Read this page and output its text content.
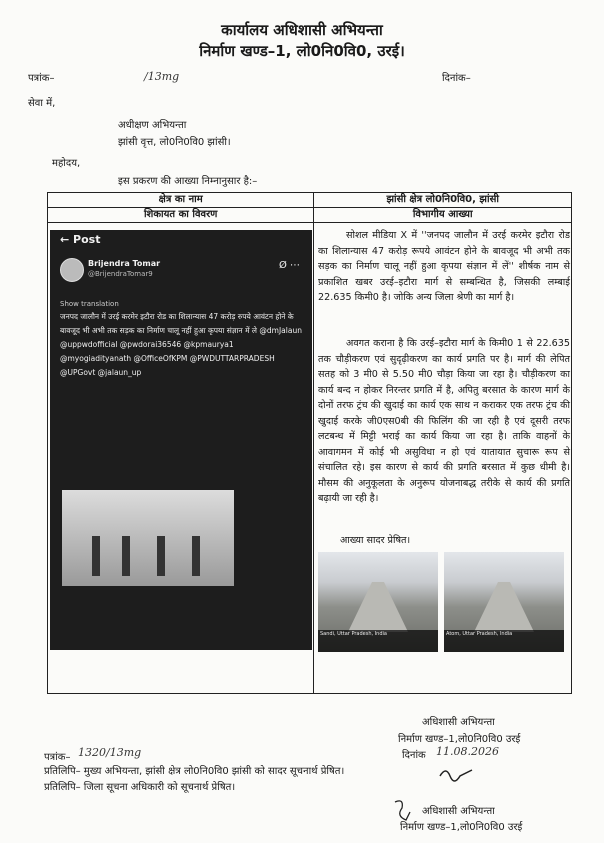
कार्यालय अधिशासी अभियन्ता
निर्माण खण्ड–1, लो0नि0वि0, उरई।
पत्रांक–	/13mg	दिनांक–
सेवा में,
अधीक्षण अभियन्ता
झांसी वृत्त, लो0नि0वि0 झांसी।
महोदय,
इस प्रकरण की आख्या निम्नानुसार है:–
क्षेत्र का नाम	झांसी क्षेत्र लो0नि0वि0, झांसी
शिकायत का विवरण	विभागीय आख्या

← Post
Brijendra Tomar
@BrijendraTomar9
Ø ⋯
Show translation
जनपद जालौन में उरई करमेर इटौरा रोड का शिलान्यास 47 करोड़ रुपये आवंटन होने के बावजूद भी अभी तक सड़क का निर्माण चालू नहीं हुआ कृपया संज्ञान में ले @dmJalaun @uppwdofficial @pwdorai36546 @kpmaurya1 @myogiadityanath @OfficeOfKPM @PWDUTTARPRADESH @UPGovt @jalaun_up
सोशल मीडिया X में ''जनपद जालौन में उरई करमेर इटौरा रोड का शिलान्यास 47 करोड़ रूपये आवंटन होने के बावजूद भी अभी तक सड़क का निर्माण चालू नहीं हुआ कृपया संज्ञान में लें'' शीर्षक नाम से प्रकाशित खबर उरई–इटौरा मार्ग से सम्बन्धित है, जिसकी लम्बाई 22.635 किमी0 है। जोकि अन्य जिला श्रेणी का मार्ग है।
अवगत कराना है कि उरई–इटौरा मार्ग के किमी0 1 से 22.635 तक चौड़ीकरण एवं सुदृढ़ीकरण का कार्य प्रगति पर है। मार्ग की लेपित सतह को 3 मी0 से 5.50 मी0 चौड़ा किया जा रहा है। चौड़ीकरण का कार्य बन्द न होकर निरन्तर प्रगति में है, अपितु बरसात के कारण मार्ग के दोनों तरफ ट्रंच की खुदाई का कार्य एक साथ न कराकर एक तरफ ट्रंच की खुदाई करके जी0एस0बी की फिलिंग की जा रही है एवं दूसरी तरफ लटबन्ध में मिट्टी भराई का कार्य किया जा रहा है। ताकि वाहनों के आवागमन में कोई भी असुविधा न हो एवं यातायात सुचारू रूप से संचालित रहे। इस कारण से कार्य की प्रगति बरसात में कुछ धीमी है। मौसम की अनुकूलता के अनुरूप योजनाबद्ध तरीके से कार्य की प्रगति बढ़ायी जा रही है।
आख्या सादर प्रेषित।
Sandi, Uttar Pradesh, India	Atom, Uttar Pradesh, India
अधिशासी अभियन्ता
निर्माण खण्ड–1,लो0नि0वि0 उरई
दिनांक 11.08.2026
पत्रांक– 1320/13mg
प्रतिलिपि– मुख्य अभियन्ता, झांसी क्षेत्र लो0नि0वि0 झांसी को सादर सूचनार्थ प्रेषित।
प्रतिलिपि– जिला सूचना अधिकारी को सूचनार्थ प्रेषित।
अधिशासी अभियन्ता
निर्माण खण्ड–1,लो0नि0वि0 उरई
